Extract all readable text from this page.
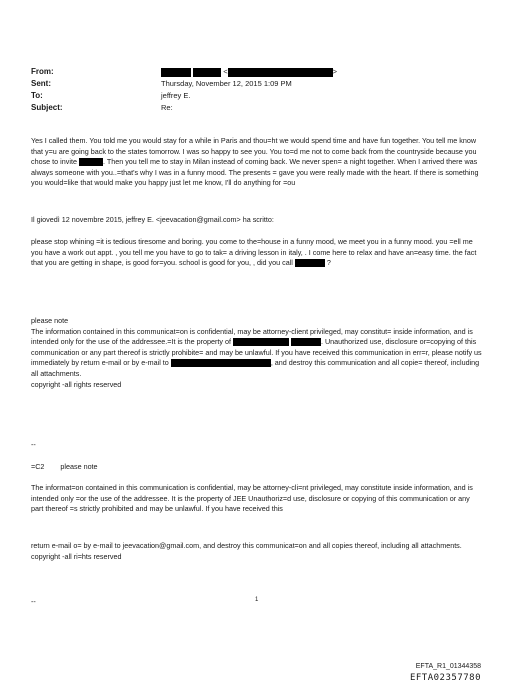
From:	<	>
Sent:	Thursday, November 12, 2015 1:09 PM
To:	jeffrey E.
Subject:	Re:

Yes I called them. You told me you would stay for a while in Paris and thou=ht we would spend time and have fun together. You tell me know that y=u are going back to the states tomorrow. I was so happy to see you. You to=d me not to come back from the countryside because you chose to invite	. Then you tell me to stay in Milan instead of coming back. We never spen= a night together. When I arrived there was always someone with you..=that's why I was in a funny mood. The presents = gave you were really made with the heart. If there is something you would=like that would make you happy just let me know, I'll do anything for =ou

Il giovedì 12 novembre 2015, jeffrey E. <jeevacation@gmail.com> ha scritto:

please stop whining =it is tedious tiresome and boring. you come to the=house in a funny mood, we meet you in a funny mood. you =ell me you have a work out appt. , you tell me you have to go to tak= a driving lesson in italy, . I come here to relax and have an=easy time. the fact that you are getting in shape, is good for=you. school is good for you, , did you call	?

please note

The information contained in this communicat=on is confidential, may be attorney-client privileged, may constitut= inside information, and is intended only for the use of the addressee.=It is the property of	. Unauthorized use, disclosure or=copying of this communication or any part thereof is strictly prohibite= and may be unlawful. If you have received this communication in err=r, please notify us immediately by return e-mail or by e-mail to	, and destroy this communication and all copie= thereof, including all attachments.

copyright -all rights reserved

--
=C2 please note
The informat=on contained in this communication is confidential, may be attorney-cli=nt privileged, may constitute inside information, and is intended only =or the use of the addressee. It is the property of JEE Unauthoriz=d use, disclosure or copying of this communication or any part thereof =s strictly prohibited and may be unlawful. If you have received this
return e-mail o= by e-mail to jeevacation@gmail.com, and destroy this communicat=on and all copies thereof, including all attachments. copyright -all ri=hts reserved
--	1
EFTA_R1_01344358
EFTA02357780
